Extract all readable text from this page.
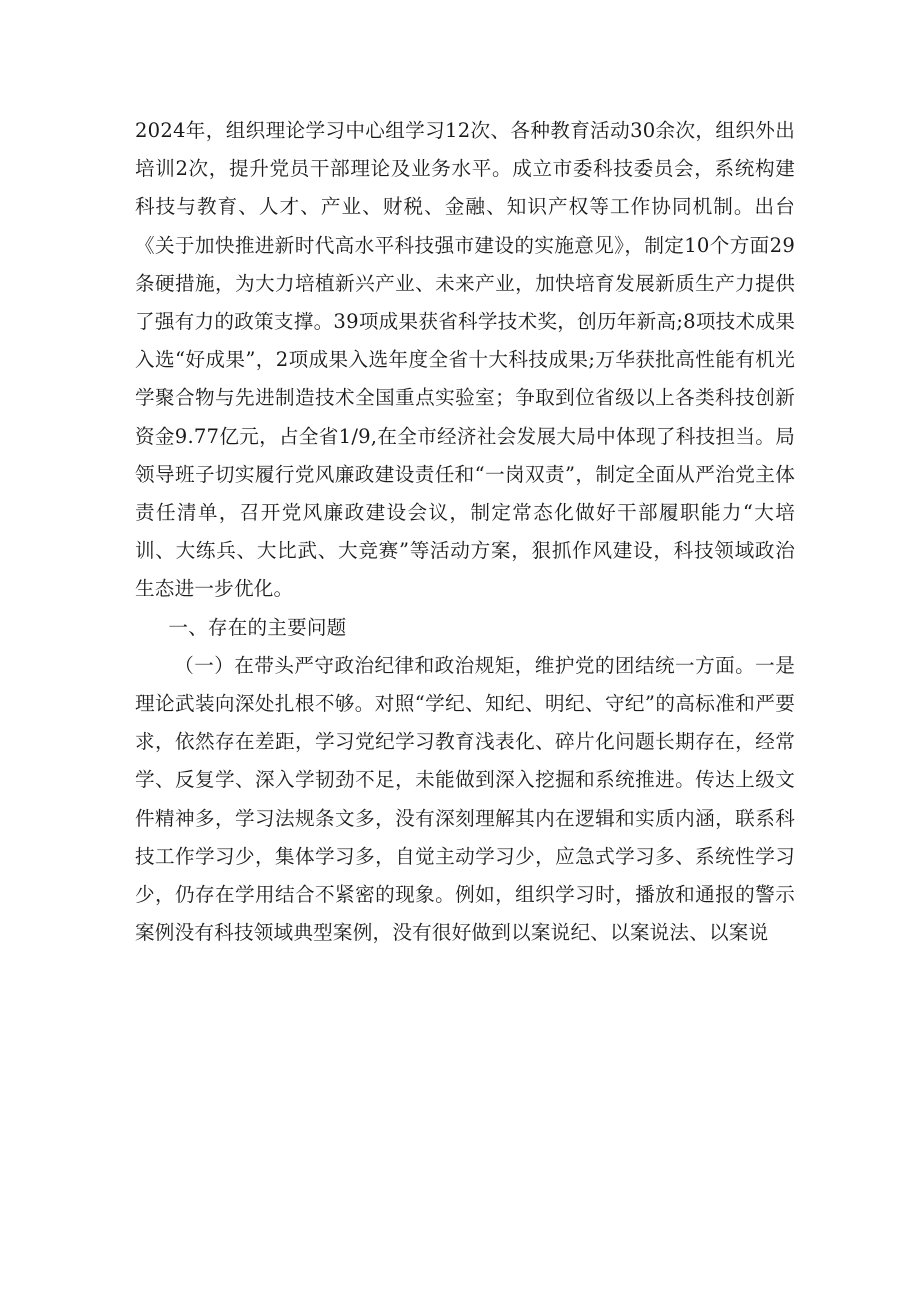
2024年，组织理论学习中心组学习12次、各种教育活动30余次，组织外出培训2次，提升党员干部理论及业务水平。成立市委科技委员会，系统构建科技与教育、人才、产业、财税、金融、知识产权等工作协同机制。出台《关于加快推进新时代高水平科技强市建设的实施意见》，制定10个方面29条硬措施，为大力培植新兴产业、未来产业，加快培育发展新质生产力提供了强有力的政策支撑。39项成果获省科学技术奖，创历年新高;8项技术成果入选“好成果”，2项成果入选年度全省十大科技成果;万华获批高性能有机光学聚合物与先进制造技术全国重点实验室；争取到位省级以上各类科技创新资金9.77亿元，占全省1/9,在全市经济社会发展大局中体现了科技担当。局领导班子切实履行党风廉政建设责任和“一岗双责”，制定全面从严治党主体责任清单，召开党风廉政建设会议，制定常态化做好干部履职能力“大培训、大练兵、大比武、大竞赛”等活动方案，狠抓作风建设，科技领域政治生态进一步优化。

一、存在的主要问题

（一）在带头严守政治纪律和政治规矩，维护党的团结统一方面。一是理论武装向深处扎根不够。对照“学纪、知纪、明纪、守纪”的高标准和严要求，依然存在差距，学习党纪学习教育浅表化、碎片化问题长期存在，经常学、反复学、深入学韧劲不足，未能做到深入挖掘和系统推进。传达上级文件精神多，学习法规条文多，没有深刻理解其内在逻辑和实质内涵，联系科技工作学习少，集体学习多，自觉主动学习少，应急式学习多、系统性学习少，仍存在学用结合不紧密的现象。例如，组织学习时，播放和通报的警示案例没有科技领域典型案例，没有很好做到以案说纪、以案说法、以案说
